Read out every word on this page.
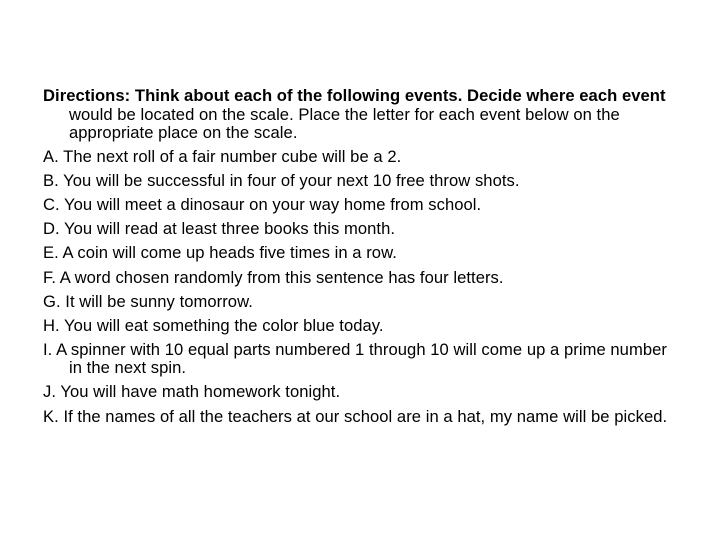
Directions: Think about each of the following events. Decide where each event would be located on the scale. Place the letter for each event below on the appropriate place on the scale.

A. The next roll of a fair number cube will be a 2.

B. You will be successful in four of your next 10 free throw shots.

C. You will meet a dinosaur on your way home from school.

D. You will read at least three books this month.

E. A coin will come up heads five times in a row.

F. A word chosen randomly from this sentence has four letters.

G. It will be sunny tomorrow.

H. You will eat something the color blue today.

I. A spinner with 10 equal parts numbered 1 through 10 will come up a prime number in the next spin.

J. You will have math homework tonight.

K. If the names of all the teachers at our school are in a hat, my name will be picked.
